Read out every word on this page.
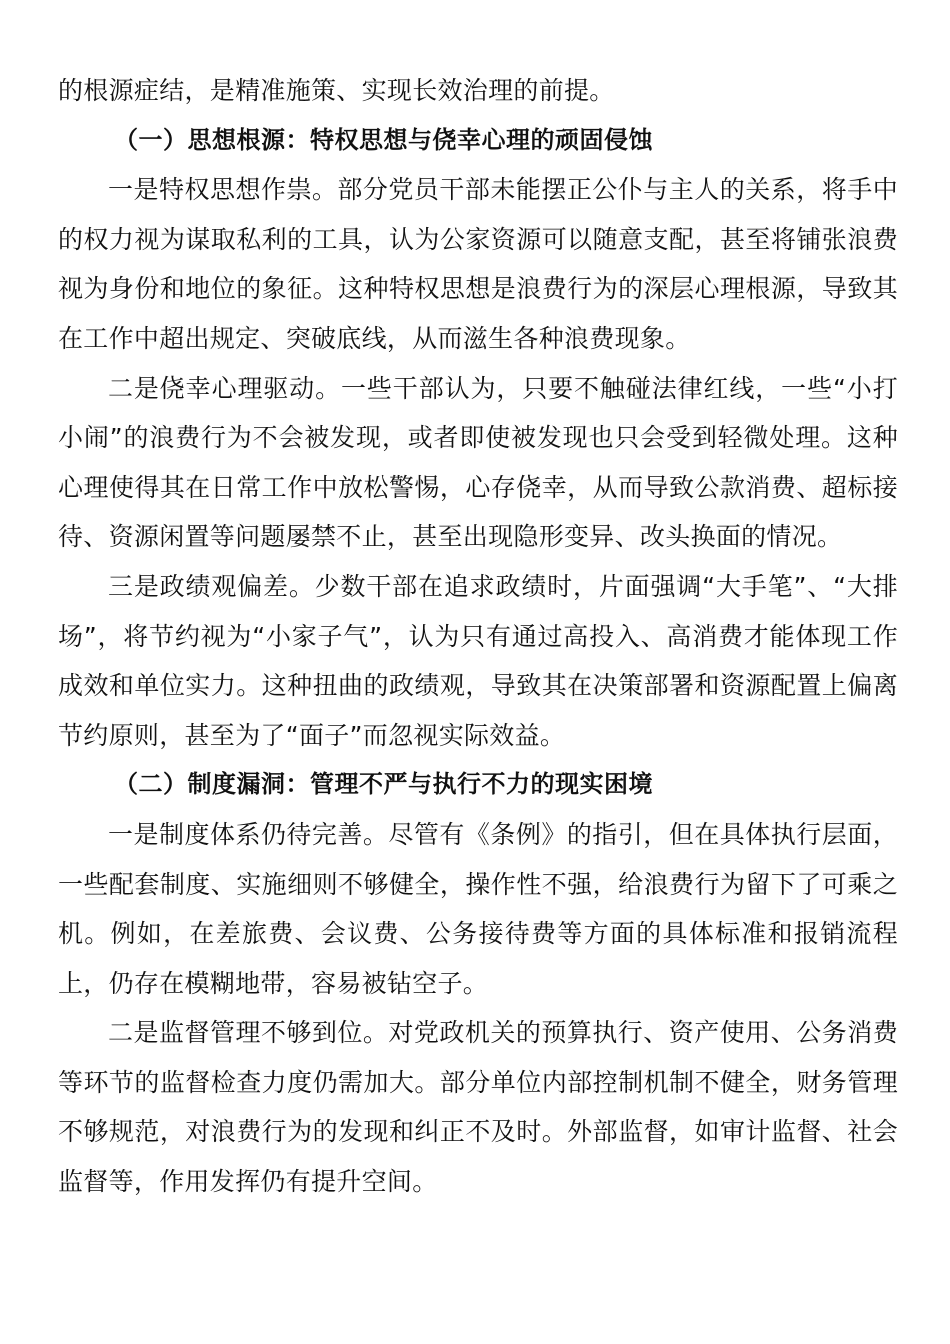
的根源症结，是精准施策、实现长效治理的前提。

（一）思想根源：特权思想与侥幸心理的顽固侵蚀

一是特权思想作祟。部分党员干部未能摆正公仆与主人的关系，将手中的权力视为谋取私利的工具，认为公家资源可以随意支配，甚至将铺张浪费视为身份和地位的象征。这种特权思想是浪费行为的深层心理根源，导致其在工作中超出规定、突破底线，从而滋生各种浪费现象。

二是侥幸心理驱动。一些干部认为，只要不触碰法律红线，一些“小打小闹”的浪费行为不会被发现，或者即使被发现也只会受到轻微处理。这种心理使得其在日常工作中放松警惕，心存侥幸，从而导致公款消费、超标接待、资源闲置等问题屡禁不止，甚至出现隐形变异、改头换面的情况。

三是政绩观偏差。少数干部在追求政绩时，片面强调“大手笔”、“大排场”，将节约视为“小家子气”，认为只有通过高投入、高消费才能体现工作成效和单位实力。这种扭曲的政绩观，导致其在决策部署和资源配置上偏离节约原则，甚至为了“面子”而忽视实际效益。

（二）制度漏洞：管理不严与执行不力的现实困境

一是制度体系仍待完善。尽管有《条例》的指引，但在具体执行层面，一些配套制度、实施细则不够健全，操作性不强，给浪费行为留下了可乘之机。例如，在差旅费、会议费、公务接待费等方面的具体标准和报销流程上，仍存在模糊地带，容易被钻空子。

二是监督管理不够到位。对党政机关的预算执行、资产使用、公务消费等环节的监督检查力度仍需加大。部分单位内部控制机制不健全，财务管理不够规范，对浪费行为的发现和纠正不及时。外部监督，如审计监督、社会监督等，作用发挥仍有提升空间。
